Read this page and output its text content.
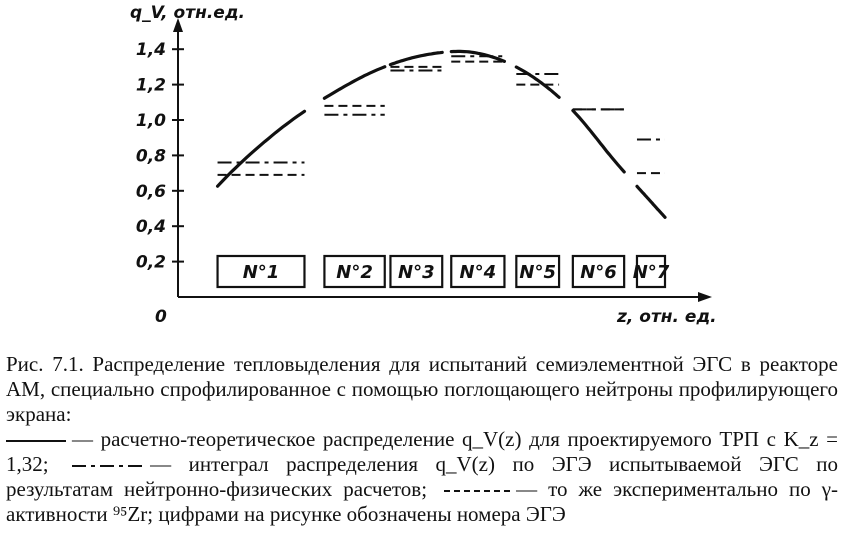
0,2
0,4
0,6
0,8
1,0
1,2
1,4
q_V, отн.ед.
z, отн. ед.
0
N°1	N°2 N°3 N°4 N°5 N°6 N°7

Рис. 7.1. Распределение тепловыделения для испытаний семиэлементной ЭГС в реакторе АМ, специально спрофилированное с помощью поглощающего нейтроны профилирующего экрана:

— расчетно-теоретическое распределение q_V(z) для проектируемого ТРП с K_z = 1,32;	— интеграл распределения q_V(z) по ЭГЭ испытываемой ЭГС по результатам нейтронно-физических расчетов;	— то же экспериментально по γ-активности ⁹⁵Zr; цифрами на рисунке обозначены номера ЭГЭ
